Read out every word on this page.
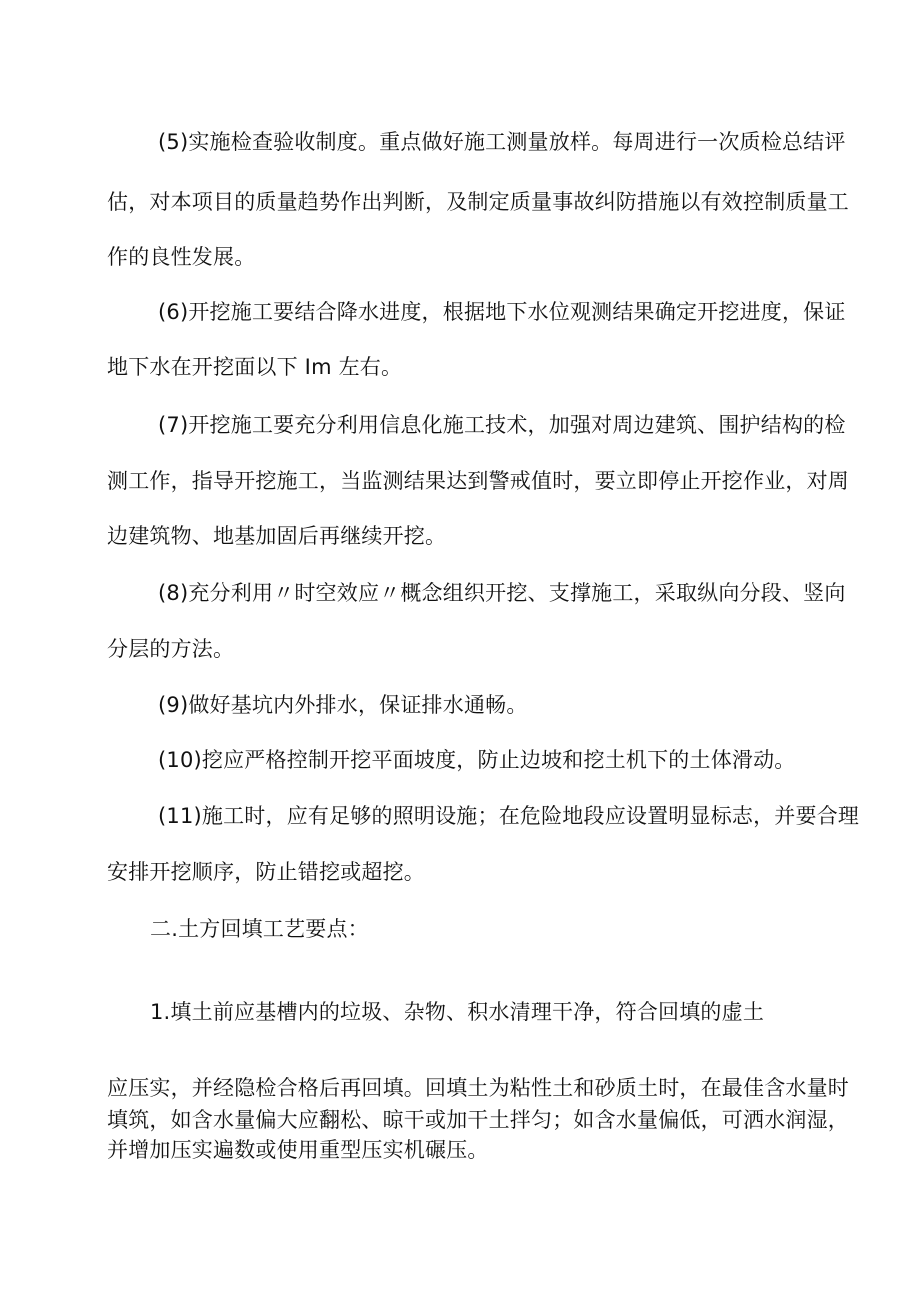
(5)实施检查验收制度。重点做好施工测量放样。每周进行一次质检总结评
估，对本项目的质量趋势作出判断，及制定质量事故纠防措施以有效控制质量工
作的良性发展。
(6)开挖施工要结合降水进度，根据地下水位观测结果确定开挖进度，保证
地下水在开挖面以下 Im 左右。
(7)开挖施工要充分利用信息化施工技术，加强对周边建筑、围护结构的检
测工作，指导开挖施工，当监测结果达到警戒值时，要立即停止开挖作业，对周
边建筑物、地基加固后再继续开挖。
(8)充分利用〃时空效应〃概念组织开挖、支撑施工，采取纵向分段、竖向
分层的方法。
(9)做好基坑内外排水，保证排水通畅。
(10)挖应严格控制开挖平面坡度，防止边坡和挖土机下的土体滑动。
(11)施工时，应有足够的照明设施；在危险地段应设置明显标志，并要合理
安排开挖顺序，防止错挖或超挖。
二.土方回填工艺要点：
1.填土前应基槽内的垃圾、杂物、积水清理干净，符合回填的虚土
应压实，并经隐检合格后再回填。回填土为粘性土和砂质土时，在最佳含水量时
填筑，如含水量偏大应翻松、晾干或加干土拌匀；如含水量偏低，可洒水润湿，
并增加压实遍数或使用重型压实机碾压。
